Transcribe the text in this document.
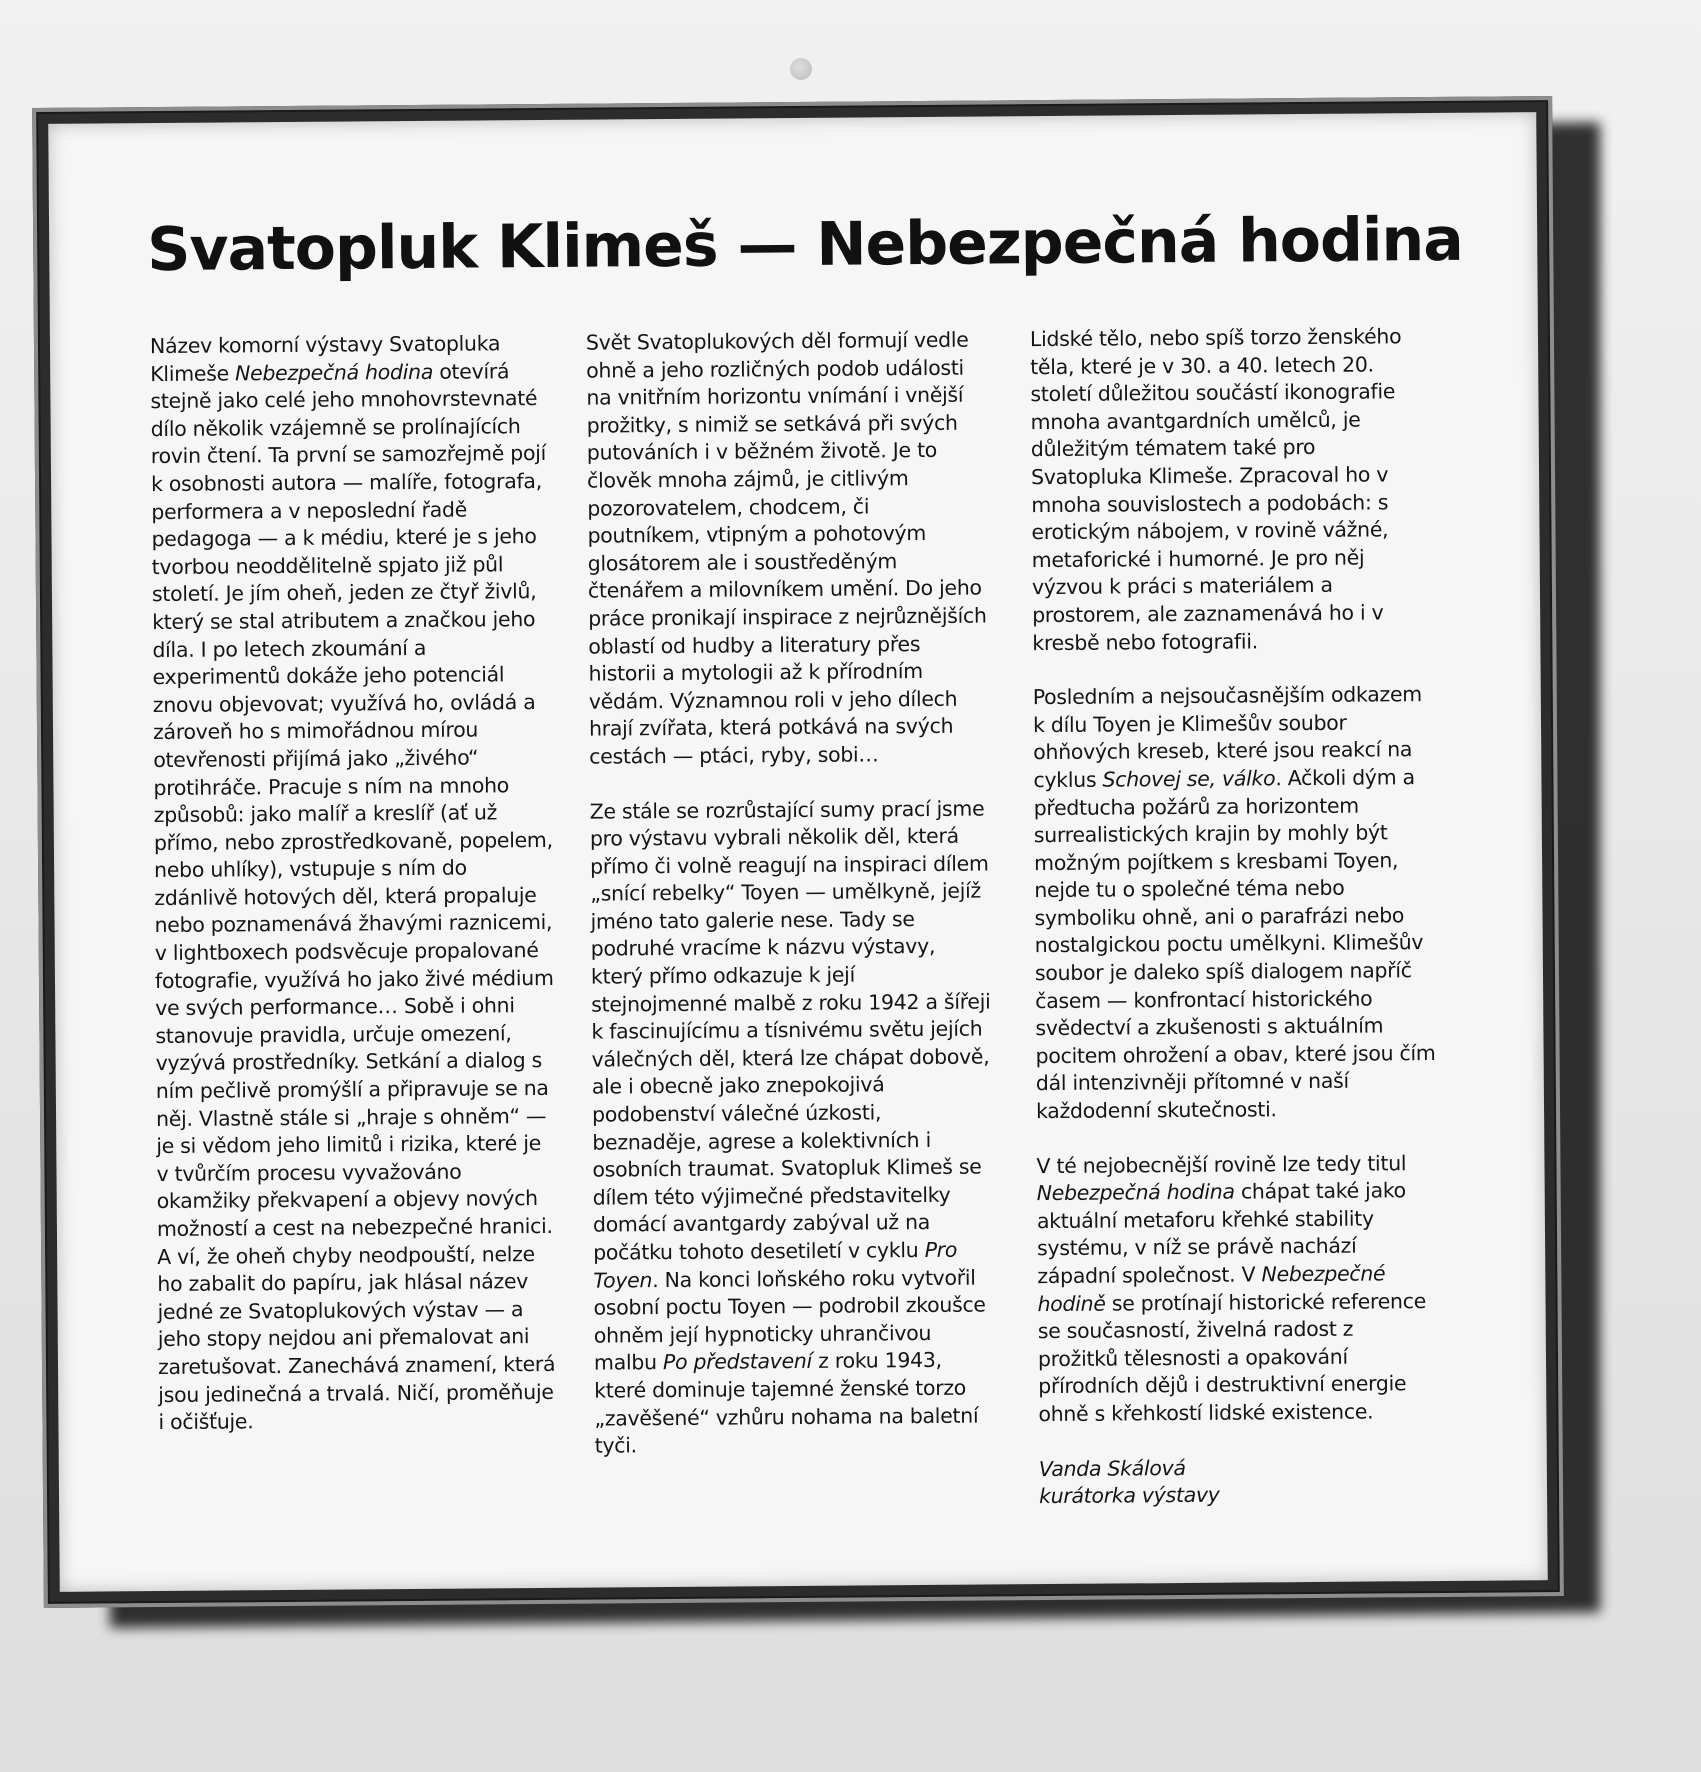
Svatopluk Klimeš — Nebezpečná hodina

Název komorní výstavy Svatopluka Klimeše Nebezpečná hodina otevírá stejně jako celé jeho mnohovrstevnaté dílo několik vzájemně se prolínajících rovin čtení. Ta první se samozřejmě pojí k osobnosti autora — malíře, fotografa, performera a v neposlední řadě pedagoga — a k médiu, které je s jeho tvorbou neoddělitelně spjato již půl století. Je jím oheň, jeden ze čtyř živlů, který se stal atributem a značkou jeho díla. I po letech zkoumání a experimentů dokáže jeho potenciál znovu objevovat; využívá ho, ovládá a zároveň ho s mimořádnou mírou otevřenosti přijímá jako „živého“ protihráče. Pracuje s ním na mnoho způsobů: jako malíř a kreslíř (ať už přímo, nebo zprostředkovaně, popelem, nebo uhlíky), vstupuje s ním do zdánlivě hotových děl, která propaluje nebo poznamenává žhavými raznicemi, v lightboxech podsvěcuje propalované fotografie, využívá ho jako živé médium ve svých performance… Sobě i ohni stanovuje pravidla, určuje omezení, vyzývá prostředníky. Setkání a dialog s ním pečlivě promýšlí a připravuje se na něj. Vlastně stále si „hraje s ohněm“ — je si vědom jeho limitů i rizika, které je v tvůrčím procesu vyvažováno okamžiky překvapení a objevy nových možností a cest na nebezpečné hranici. A ví, že oheň chyby neodpouští, nelze ho zabalit do papíru, jak hlásal název jedné ze Svatoplukových výstav — a jeho stopy nejdou ani přemalovat ani zaretušovat. Zanechává znamení, která jsou jedinečná a trvalá. Ničí, proměňuje i očišťuje.

Svět Svatoplukových děl formují vedle ohně a jeho rozličných podob události na vnitřním horizontu vnímání i vnější prožitky, s nimiž se setkává při svých putováních i v běžném životě. Je to člověk mnoha zájmů, je citlivým pozorovatelem, chodcem, či poutníkem, vtipným a pohotovým glosátorem ale i soustředěným čtenářem a milovníkem umění. Do jeho práce pronikají inspirace z nejrůznějších oblastí od hudby a literatury přes historii a mytologii až k přírodním vědám. Významnou roli v jeho dílech hrají zvířata, která potkává na svých cestách — ptáci, ryby, sobi…

Ze stále se rozrůstající sumy prací jsme pro výstavu vybrali několik děl, která přímo či volně reagují na inspiraci dílem „snící rebelky“ Toyen — umělkyně, jejíž jméno tato galerie nese. Tady se podruhé vracíme k názvu výstavy, který přímo odkazuje k její stejnojmenné malbě z roku 1942 a šířeji k fascinujícímu a tísnivému světu jejích válečných děl, která lze chápat dobově, ale i obecně jako znepokojivá podobenství válečné úzkosti, beznaděje, agrese a kolektivních i osobních traumat. Svatopluk Klimeš se dílem této výjimečné představitelky domácí avantgardy zabýval už na počátku tohoto desetiletí v cyklu Pro Toyen. Na konci loňského roku vytvořil osobní poctu Toyen — podrobil zkoušce ohněm její hypnoticky uhrančivou malbu Po představení z roku 1943, které dominuje tajemné ženské torzo „zavěšené“ vzhůru nohama na baletní tyči.

Lidské tělo, nebo spíš torzo ženského těla, které je v 30. a 40. letech 20. století důležitou součástí ikonografie mnoha avantgardních umělců, je důležitým tématem také pro Svatopluka Klimeše. Zpracoval ho v mnoha souvislostech a podobách: s erotickým nábojem, v rovině vážné, metaforické i humorné. Je pro něj výzvou k práci s materiálem a prostorem, ale zaznamenává ho i v kresbě nebo fotografii.

Posledním a nejsoučasnějším odkazem k dílu Toyen je Klimešův soubor ohňových kreseb, které jsou reakcí na cyklus Schovej se, válko. Ačkoli dým a předtucha požárů za horizontem surrealistických krajin by mohly být možným pojítkem s kresbami Toyen, nejde tu o společné téma nebo symboliku ohně, ani o parafrázi nebo nostalgickou poctu umělkyni. Klimešův soubor je daleko spíš dialogem napříč časem — konfrontací historického svědectví a zkušenosti s aktuálním pocitem ohrožení a obav, které jsou čím dál intenzivněji přítomné v naší každodenní skutečnosti.

V té nejobecnější rovině lze tedy titul Nebezpečná hodina chápat také jako aktuální metaforu křehké stability systému, v níž se právě nachází západní společnost. V Nebezpečné hodině se protínají historické reference se současností, živelná radost z prožitků tělesnosti a opakování přírodních dějů i destruktivní energie ohně s křehkostí lidské existence.

Vanda Skálová
kurátorka výstavy
